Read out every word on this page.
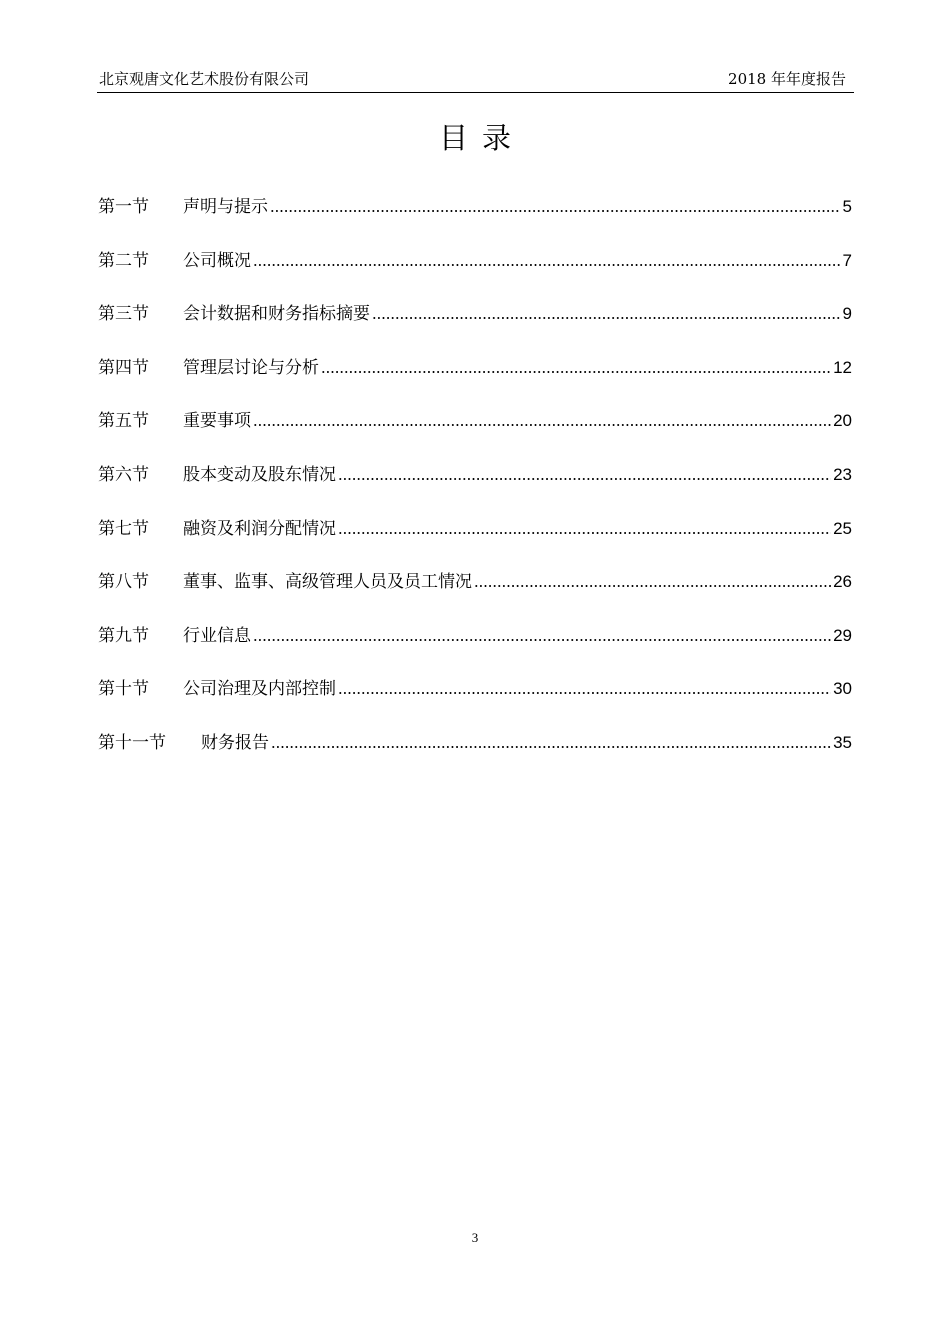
北京观唐文化艺术股份有限公司	2018 年年度报告
目录
第一节	声明与提示	5
第二节	公司概况	7
第三节	会计数据和财务指标摘要	9
第四节	管理层讨论与分析	12
第五节	重要事项	20
第六节	股本变动及股东情况	23
第七节	融资及利润分配情况	25
第八节	董事、监事、高级管理人员及员工情况	26
第九节	行业信息	29
第十节	公司治理及内部控制	30
第十一节	财务报告	35
3
